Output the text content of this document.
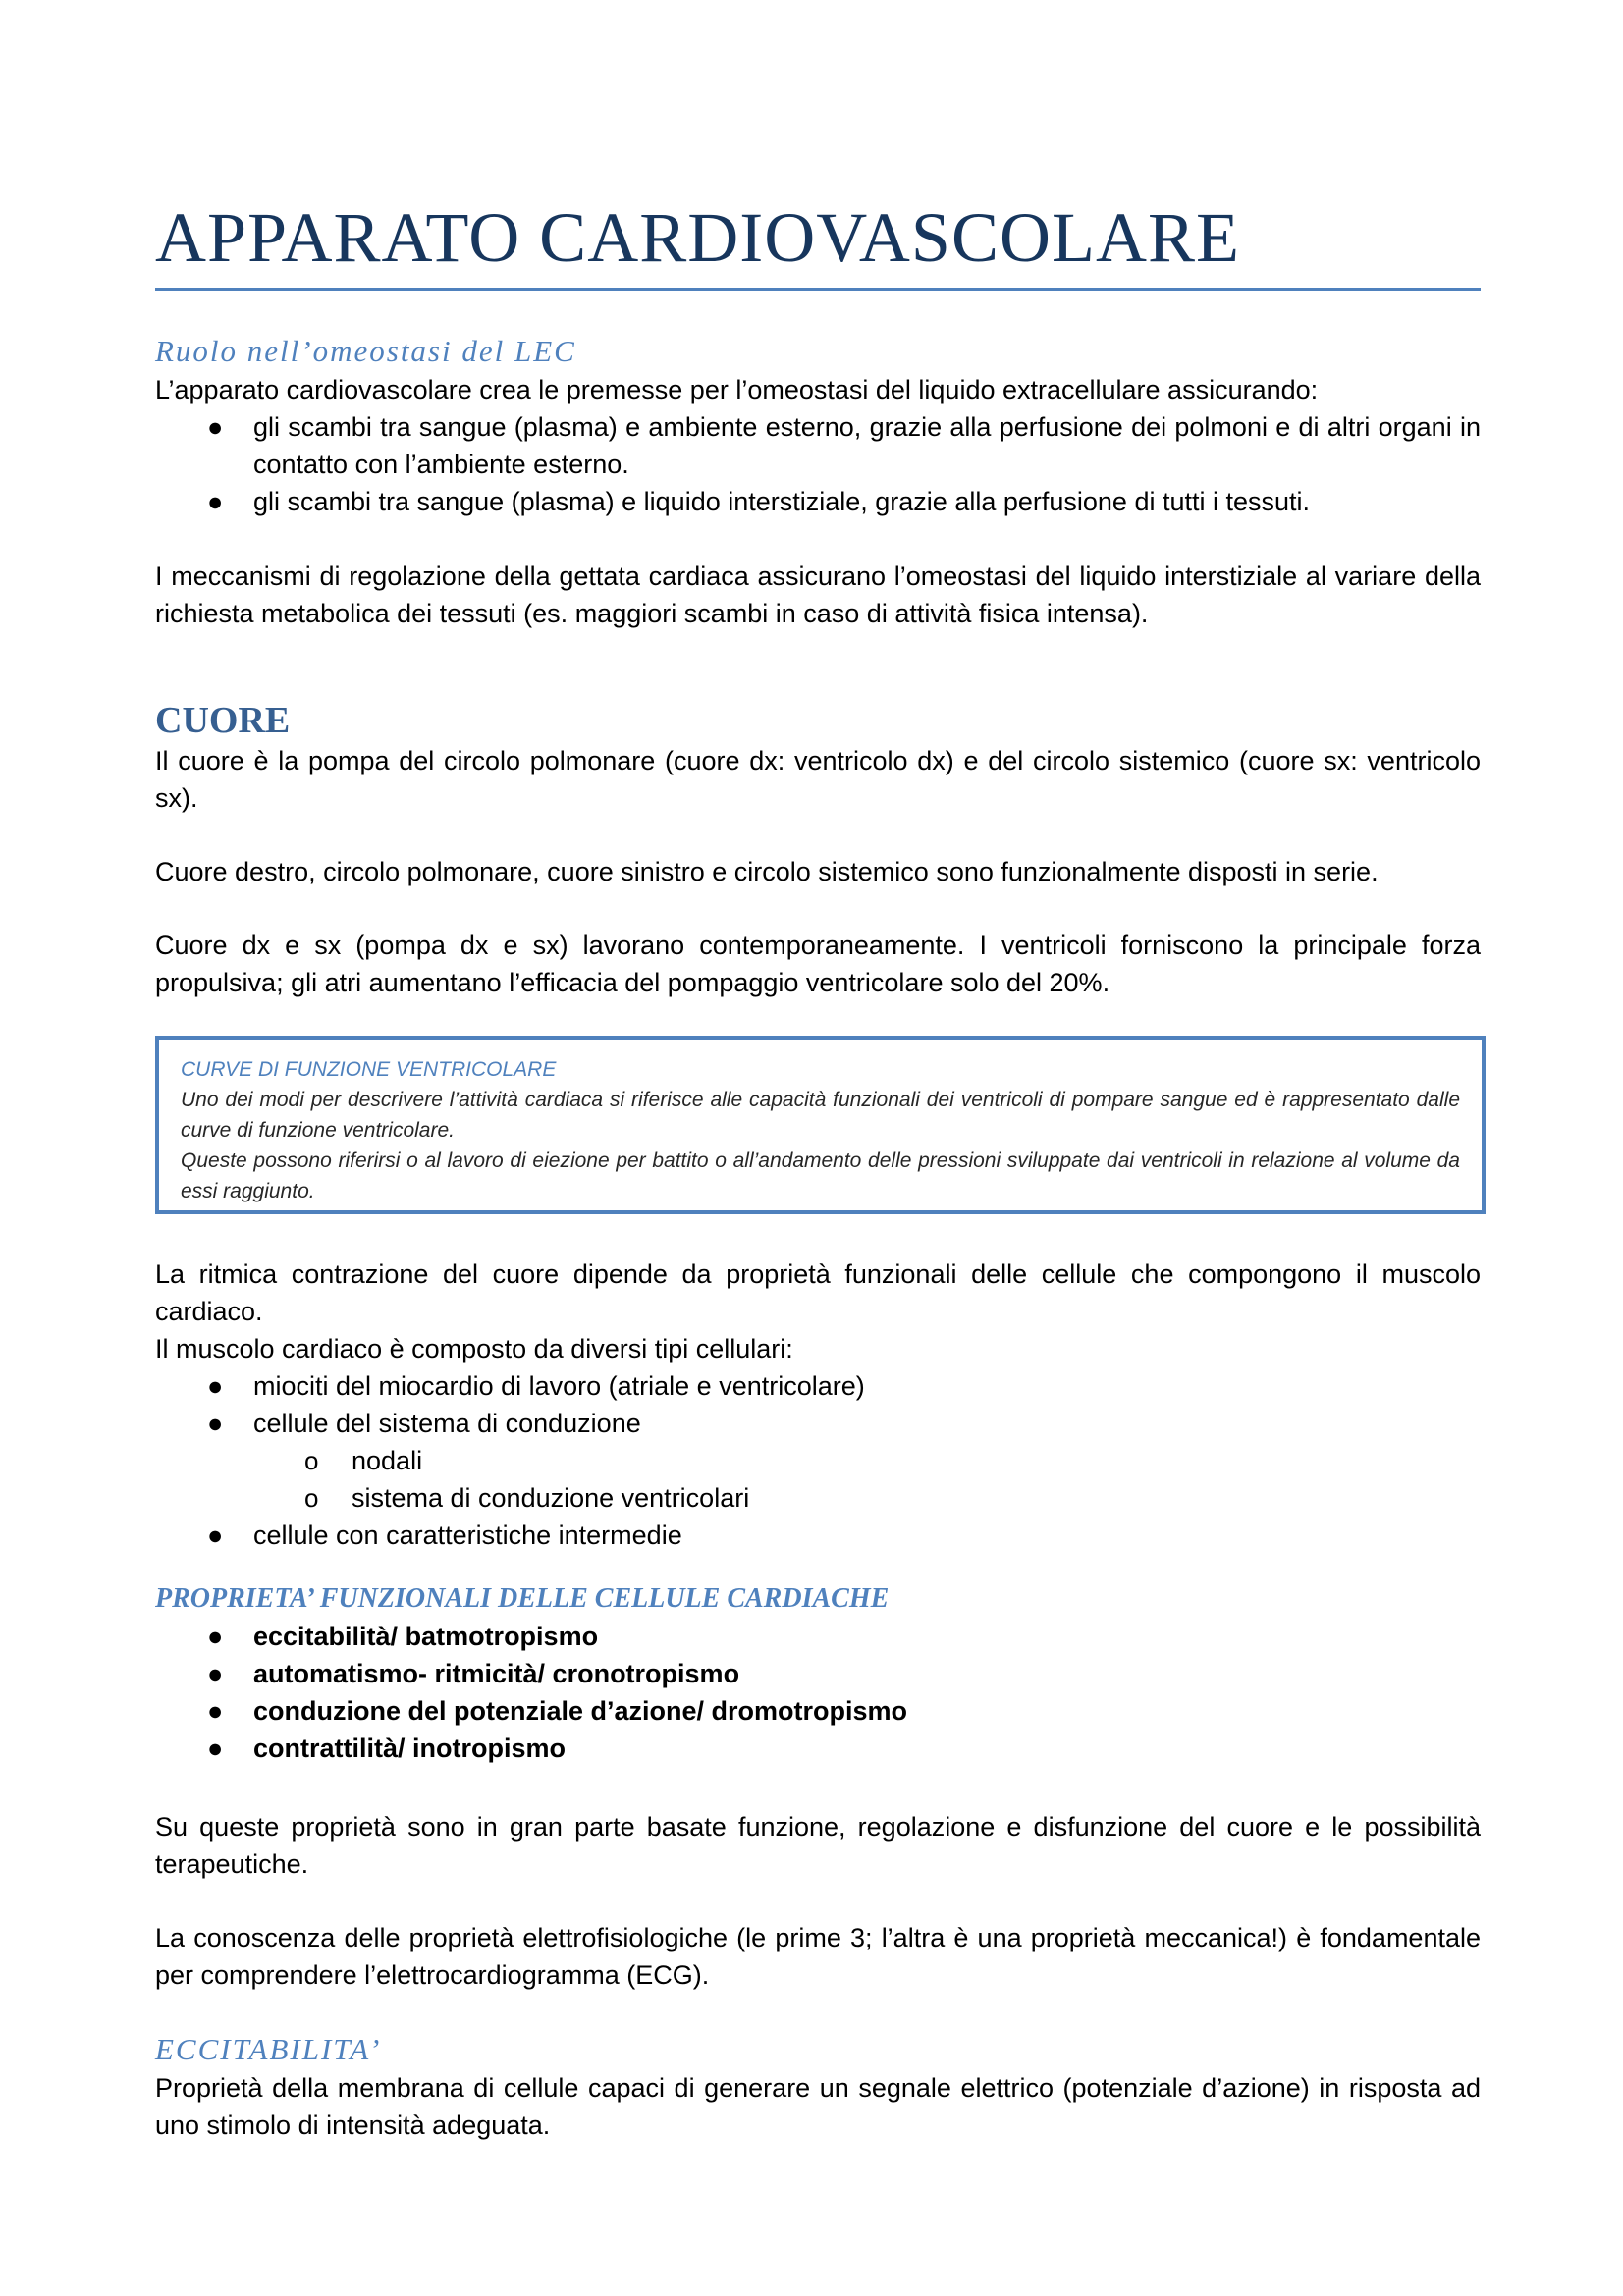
APPARATO CARDIOVASCOLARE
Ruolo nell’omeostasi del LEC

L’apparato cardiovascolare crea le premesse per l’omeostasi del liquido extracellulare assicurando:

● gli scambi tra sangue (plasma) e ambiente esterno, grazie alla perfusione dei polmoni e di altri organi in contatto con l’ambiente esterno.
● gli scambi tra sangue (plasma) e liquido interstiziale, grazie alla perfusione di tutti i tessuti.

I meccanismi di regolazione della gettata cardiaca assicurano l’omeostasi del liquido interstiziale al variare della richiesta metabolica dei tessuti (es. maggiori scambi in caso di attività fisica intensa).

CUORE

Il cuore è la pompa del circolo polmonare (cuore dx: ventricolo dx) e del circolo sistemico (cuore sx: ventricolo sx).

Cuore destro, circolo polmonare, cuore sinistro e circolo sistemico sono funzionalmente disposti in serie.

Cuore dx e sx (pompa dx e sx) lavorano contemporaneamente. I ventricoli forniscono la principale forza propulsiva; gli atri aumentano l’efficacia del pompaggio ventricolare solo del 20%.

CURVE DI FUNZIONE VENTRICOLARE

Uno dei modi per descrivere l’attività cardiaca si riferisce alle capacità funzionali dei ventricoli di pompare sangue ed è rappresentato dalle curve di funzione ventricolare.

Queste possono riferirsi o al lavoro di eiezione per battito o all’andamento delle pressioni sviluppate dai ventricoli in relazione al volume da essi raggiunto.

La ritmica contrazione del cuore dipende da proprietà funzionali delle cellule che compongono il muscolo cardiaco.

Il muscolo cardiaco è composto da diversi tipi cellulari:

● miociti del miocardio di lavoro (atriale e ventricolare)
● cellule del sistema di conduzione
o nodali
o sistema di conduzione ventricolari
● cellule con caratteristiche intermedie
PROPRIETA’ FUNZIONALI DELLE CELLULE CARDIACHE
● eccitabilità/ batmotropismo
● automatismo- ritmicità/ cronotropismo
● conduzione del potenziale d’azione/ dromotropismo
● contrattilità/ inotropismo

Su queste proprietà sono in gran parte basate funzione, regolazione e disfunzione del cuore e le possibilità terapeutiche.

La conoscenza delle proprietà elettrofisiologiche (le prime 3; l’altra è una proprietà meccanica!) è fondamentale per comprendere l’elettrocardiogramma (ECG).

ECCITABILITA’

Proprietà della membrana di cellule capaci di generare un segnale elettrico (potenziale d’azione) in risposta ad uno stimolo di intensità adeguata.
